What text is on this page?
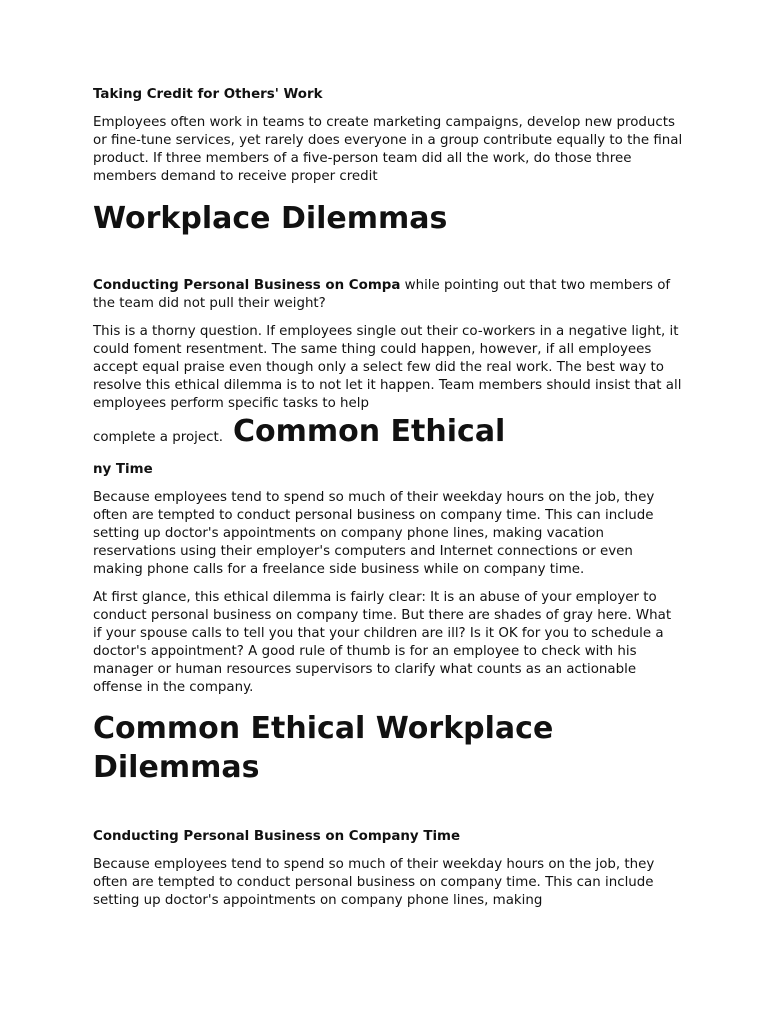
Taking Credit for Others' Work

Employees often work in teams to create marketing campaigns, develop new products or fine-tune services, yet rarely does everyone in a group contribute equally to the final product. If three members of a five-person team did all the work, do those three members demand to receive proper credit

Workplace Dilemmas

Conducting Personal Business on Compa while pointing out that two members of the team did not pull their weight?

This is a thorny question. If employees single out their co-workers in a negative light, it could foment resentment. The same thing could happen, however, if all employees accept equal praise even though only a select few did the real work. The best way to resolve this ethical dilemma is to not let it happen. Team members should insist that all employees perform specific tasks to help

complete a project. Common Ethical

ny Time

Because employees tend to spend so much of their weekday hours on the job, they often are tempted to conduct personal business on company time. This can include setting up doctor's appointments on company phone lines, making vacation reservations using their employer's computers and Internet connections or even making phone calls for a freelance side business while on company time.

At first glance, this ethical dilemma is fairly clear: It is an abuse of your employer to conduct personal business on company time. But there are shades of gray here. What if your spouse calls to tell you that your children are ill? Is it OK for you to schedule a doctor's appointment? A good rule of thumb is for an employee to check with his manager or human resources supervisors to clarify what counts as an actionable offense in the company.

Common Ethical Workplace Dilemmas

Conducting Personal Business on Company Time

Because employees tend to spend so much of their weekday hours on the job, they often are tempted to conduct personal business on company time. This can include setting up doctor's appointments on company phone lines, making
